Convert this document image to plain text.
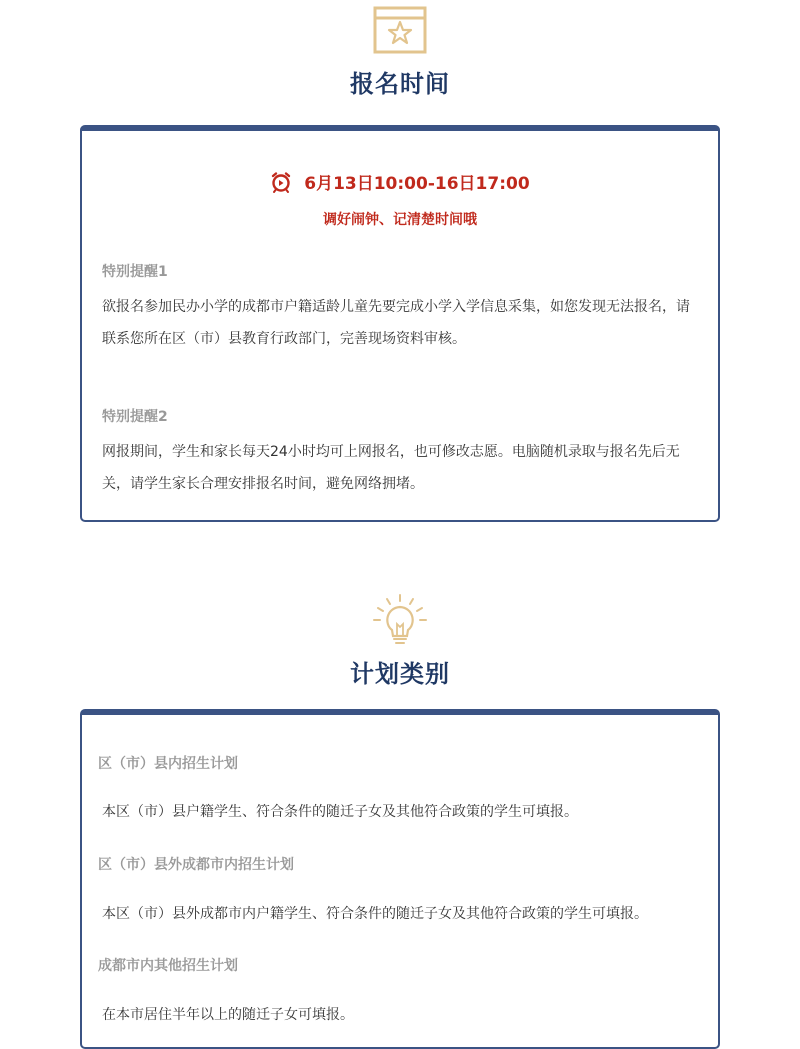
报名时间
6月13日10:00-16日17:00
调好闹钟、记清楚时间哦
特别提醒1
欲报名参加民办小学的成都市户籍适龄儿童先要完成小学入学信息采集，如您发现无法报名，请联系您所在区（市）县教育行政部门，完善现场资料审核。
特别提醒2
网报期间，学生和家长每天24小时均可上网报名，也可修改志愿。电脑随机录取与报名先后无关，请学生家长合理安排报名时间，避免网络拥堵。
计划类别
区（市）县内招生计划
本区（市）县户籍学生、符合条件的随迁子女及其他符合政策的学生可填报。
区（市）县外成都市内招生计划
本区（市）县外成都市内户籍学生、符合条件的随迁子女及其他符合政策的学生可填报。
成都市内其他招生计划
在本市居住半年以上的随迁子女可填报。
